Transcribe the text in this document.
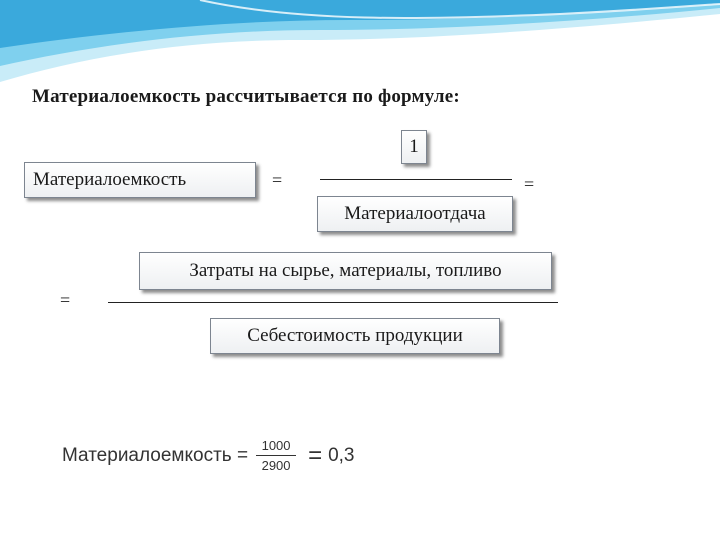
Материалоемкость рассчитывается по формуле:
Материалоемкость	=
1
Материалоотдача
=
Затраты на сырье, материалы, топливо
=
Себестоимость продукции
Материалоемкость = $\frac{1000}{2900} = 0,3$
